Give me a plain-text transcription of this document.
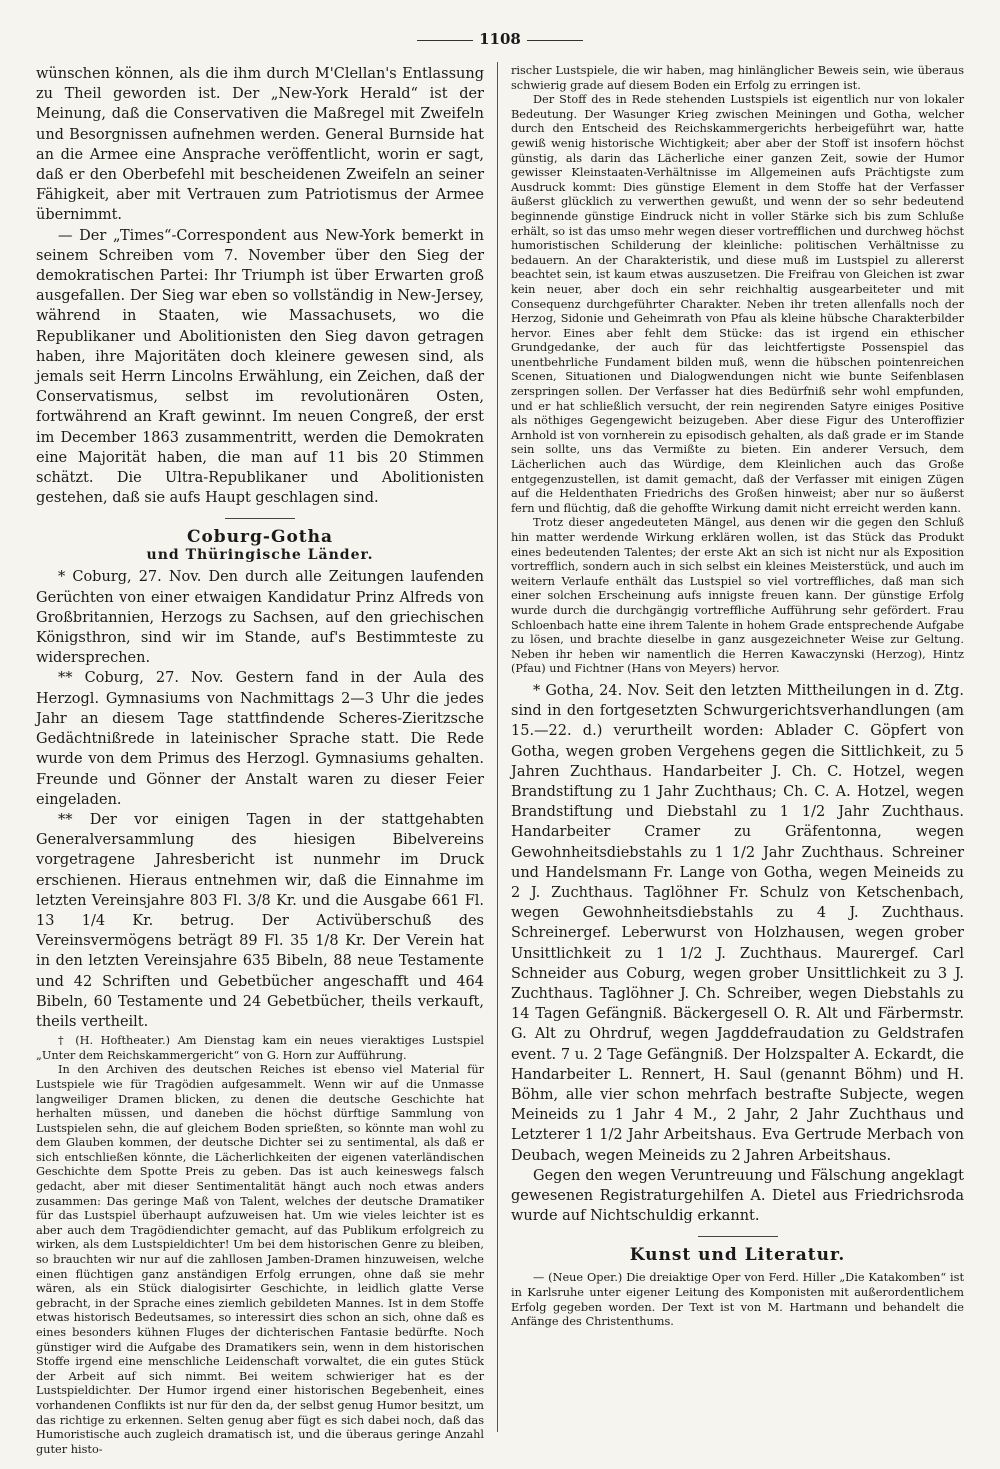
1108

wünschen können, als die ihm durch M'Clellan's Entlassung zu Theil geworden ist. Der „New-York Herald“ ist der Meinung, daß die Conservativen die Maßregel mit Zweifeln und Besorgnissen aufnehmen werden. General Burnside hat an die Armee eine Ansprache veröffentlicht, worin er sagt, daß er den Oberbefehl mit bescheidenen Zweifeln an seiner Fähigkeit, aber mit Vertrauen zum Patriotismus der Armee übernimmt.

— Der „Times“-Correspondent aus New-York bemerkt in seinem Schreiben vom 7. November über den Sieg der demokratischen Partei: Ihr Triumph ist über Erwarten groß ausgefallen. Der Sieg war eben so vollständig in New-Jersey, während in Staaten, wie Massachusets, wo die Republikaner und Abolitionisten den Sieg davon getragen haben, ihre Majoritäten doch kleinere gewesen sind, als jemals seit Herrn Lincolns Erwählung, ein Zeichen, daß der Conservatismus, selbst im revolutionären Osten, fortwährend an Kraft gewinnt. Im neuen Congreß, der erst im December 1863 zusammentritt, werden die Demokraten eine Majorität haben, die man auf 11 bis 20 Stimmen schätzt. Die Ultra-Republikaner und Abolitionisten gestehen, daß sie aufs Haupt geschlagen sind.

Coburg-Gotha
und Thüringische Länder.

* Coburg, 27. Nov. Den durch alle Zeitungen laufenden Gerüchten von einer etwaigen Kandidatur Prinz Alfreds von Großbritannien, Herzogs zu Sachsen, auf den griechischen Königsthron, sind wir im Stande, auf's Bestimmteste zu widersprechen.

** Coburg, 27. Nov. Gestern fand in der Aula des Herzogl. Gymnasiums von Nachmittags 2—3 Uhr die jedes Jahr an diesem Tage stattfindende Scheres-Zieritzsche Gedächtnißrede in lateinischer Sprache statt. Die Rede wurde von dem Primus des Herzogl. Gymnasiums gehalten. Freunde und Gönner der Anstalt waren zu dieser Feier eingeladen.

** Der vor einigen Tagen in der stattgehabten Generalversammlung des hiesigen Bibelvereins vorgetragene Jahresbericht ist nunmehr im Druck erschienen. Hieraus entnehmen wir, daß die Einnahme im letzten Vereinsjahre 803 Fl. 3/8 Kr. und die Ausgabe 661 Fl. 13 1/4 Kr. betrug. Der Activüberschuß des Vereinsvermögens beträgt 89 Fl. 35 1/8 Kr. Der Verein hat in den letzten Vereinsjahre 635 Bibeln, 88 neue Testamente und 42 Schriften und Gebetbücher angeschafft und 464 Bibeln, 60 Testamente und 24 Gebetbücher, theils verkauft, theils vertheilt.

† (H. Hoftheater.) Am Dienstag kam ein neues vieraktiges Lustspiel „Unter dem Reichskammergericht“ von G. Horn zur Aufführung.

In den Archiven des deutschen Reiches ist ebenso viel Material für Lustspiele wie für Tragödien aufgesammelt. Wenn wir auf die Unmasse langweiliger Dramen blicken, zu denen die deutsche Geschichte hat herhalten müssen, und daneben die höchst dürftige Sammlung von Lustspielen sehn, die auf gleichem Boden sprießten, so könnte man wohl zu dem Glauben kommen, der deutsche Dichter sei zu sentimental, als daß er sich entschließen könnte, die Lächerlichkeiten der eigenen vaterländischen Geschichte dem Spotte Preis zu geben. Das ist auch keineswegs falsch gedacht, aber mit dieser Sentimentalität hängt auch noch etwas anders zusammen: Das geringe Maß von Talent, welches der deutsche Dramatiker für das Lustspiel überhaupt aufzuweisen hat. Um wie vieles leichter ist es aber auch dem Tragödiendichter gemacht, auf das Publikum erfolgreich zu wirken, als dem Lustspieldichter! Um bei dem historischen Genre zu bleiben, so brauchten wir nur auf die zahllosen Jamben-Dramen hinzuweisen, welche einen flüchtigen ganz anständigen Erfolg errungen, ohne daß sie mehr wären, als ein Stück dialogisirter Geschichte, in leidlich glatte Verse gebracht, in der Sprache eines ziemlich gebildeten Mannes. Ist in dem Stoffe etwas historisch Bedeutsames, so interessirt dies schon an sich, ohne daß es eines besonders kühnen Fluges der dichterischen Fantasie bedürfte. Noch günstiger wird die Aufgabe des Dramatikers sein, wenn in dem historischen Stoffe irgend eine menschliche Leidenschaft vorwaltet, die ein gutes Stück der Arbeit auf sich nimmt. Bei weitem schwieriger hat es der Lustspieldichter. Der Humor irgend einer historischen Begebenheit, eines vorhandenen Conflikts ist nur für den da, der selbst genug Humor besitzt, um das richtige zu erkennen. Selten genug aber fügt es sich dabei noch, daß das Humoristische auch zugleich dramatisch ist, und die überaus geringe Anzahl guter histo-

rischer Lustspiele, die wir haben, mag hinlänglicher Beweis sein, wie überaus schwierig grade auf diesem Boden ein Erfolg zu erringen ist.

Der Stoff des in Rede stehenden Lustspiels ist eigentlich nur von lokaler Bedeutung. Der Wasunger Krieg zwischen Meiningen und Gotha, welcher durch den Entscheid des Reichskammergerichts herbeigeführt war, hatte gewiß wenig historische Wichtigkeit; aber aber der Stoff ist insofern höchst günstig, als darin das Lächerliche einer ganzen Zeit, sowie der Humor gewisser Kleinstaaten-Verhältnisse im Allgemeinen aufs Prächtigste zum Ausdruck kommt: Dies günstige Element in dem Stoffe hat der Verfasser äußerst glücklich zu verwerthen gewußt, und wenn der so sehr bedeutend beginnende günstige Eindruck nicht in voller Stärke sich bis zum Schluße erhält, so ist das umso mehr wegen dieser vortrefflichen und durchweg höchst humoristischen Schilderung der kleinliche: politischen Verhältnisse zu bedauern. An der Charakteristik, und diese muß im Lustspiel zu allererst beachtet sein, ist kaum etwas auszusetzen. Die Freifrau von Gleichen ist zwar kein neuer, aber doch ein sehr reichhaltig ausgearbeiteter und mit Consequenz durchgeführter Charakter. Neben ihr treten allenfalls noch der Herzog, Sidonie und Geheimrath von Pfau als kleine hübsche Charakterbilder hervor. Eines aber fehlt dem Stücke: das ist irgend ein ethischer Grundgedanke, der auch für das leichtfertigste Possenspiel das unentbehrliche Fundament bilden muß, wenn die hübschen pointenreichen Scenen, Situationen und Dialogwendungen nicht wie bunte Seifenblasen zerspringen sollen. Der Verfasser hat dies Bedürfniß sehr wohl empfunden, und er hat schließlich versucht, der rein negirenden Satyre einiges Positive als nöthiges Gegengewicht beizugeben. Aber diese Figur des Unteroffizier Arnhold ist von vornherein zu episodisch gehalten, als daß grade er im Stande sein sollte, uns das Vermißte zu bieten. Ein anderer Versuch, dem Lächerlichen auch das Würdige, dem Kleinlichen auch das Große entgegenzustellen, ist damit gemacht, daß der Verfasser mit einigen Zügen auf die Heldenthaten Friedrichs des Großen hinweist; aber nur so äußerst fern und flüchtig, daß die gehoffte Wirkung damit nicht erreicht werden kann.

Trotz dieser angedeuteten Mängel, aus denen wir die gegen den Schluß hin matter werdende Wirkung erklären wollen, ist das Stück das Produkt eines bedeutenden Talentes; der erste Akt an sich ist nicht nur als Exposition vortrefflich, sondern auch in sich selbst ein kleines Meisterstück, und auch im weitern Verlaufe enthält das Lustspiel so viel vortreffliches, daß man sich einer solchen Erscheinung aufs innigste freuen kann. Der günstige Erfolg wurde durch die durchgängig vortreffliche Aufführung sehr gefördert. Frau Schloenbach hatte eine ihrem Talente in hohem Grade entsprechende Aufgabe zu lösen, und brachte dieselbe in ganz ausgezeichneter Weise zur Geltung. Neben ihr heben wir namentlich die Herren Kawaczynski (Herzog), Hintz (Pfau) und Fichtner (Hans von Meyers) hervor.

* Gotha, 24. Nov. Seit den letzten Mittheilungen in d. Ztg. sind in den fortgesetzten Schwurgerichtsverhandlungen (am 15.—22. d.) verurtheilt worden: Ablader C. Göpfert von Gotha, wegen groben Vergehens gegen die Sittlichkeit, zu 5 Jahren Zuchthaus. Handarbeiter J. Ch. C. Hotzel, wegen Brandstiftung zu 1 Jahr Zuchthaus; Ch. C. A. Hotzel, wegen Brandstiftung und Diebstahl zu 1 1/2 Jahr Zuchthaus. Handarbeiter Cramer zu Gräfentonna, wegen Gewohnheitsdiebstahls zu 1 1/2 Jahr Zuchthaus. Schreiner und Handelsmann Fr. Lange von Gotha, wegen Meineids zu 2 J. Zuchthaus. Taglöhner Fr. Schulz von Ketschenbach, wegen Gewohnheitsdiebstahls zu 4 J. Zuchthaus. Schreinergef. Leberwurst von Holzhausen, wegen grober Unsittlichkeit zu 1 1/2 J. Zuchthaus. Maurergef. Carl Schneider aus Coburg, wegen grober Unsittlichkeit zu 3 J. Zuchthaus. Taglöhner J. Ch. Schreiber, wegen Diebstahls zu 14 Tagen Gefängniß. Bäckergesell O. R. Alt und Färbermstr. G. Alt zu Ohrdruf, wegen Jagddefraudation zu Geldstrafen event. 7 u. 2 Tage Gefängniß. Der Holzspalter A. Eckardt, die Handarbeiter L. Rennert, H. Saul (genannt Böhm) und H. Böhm, alle vier schon mehrfach bestrafte Subjecte, wegen Meineids zu 1 Jahr 4 M., 2 Jahr, 2 Jahr Zuchthaus und Letzterer 1 1/2 Jahr Arbeitshaus. Eva Gertrude Merbach von Deubach, wegen Meineids zu 2 Jahren Arbeitshaus.

Gegen den wegen Veruntreuung und Fälschung angeklagt gewesenen Registraturgehilfen A. Dietel aus Friedrichsroda wurde auf Nichtschuldig erkannt.

Kunst und Literatur.

— (Neue Oper.) Die dreiaktige Oper von Ferd. Hiller „Die Katakomben“ ist in Karlsruhe unter eigener Leitung des Komponisten mit außerordentlichem Erfolg gegeben worden. Der Text ist von M. Hartmann und behandelt die Anfänge des Christenthums.
